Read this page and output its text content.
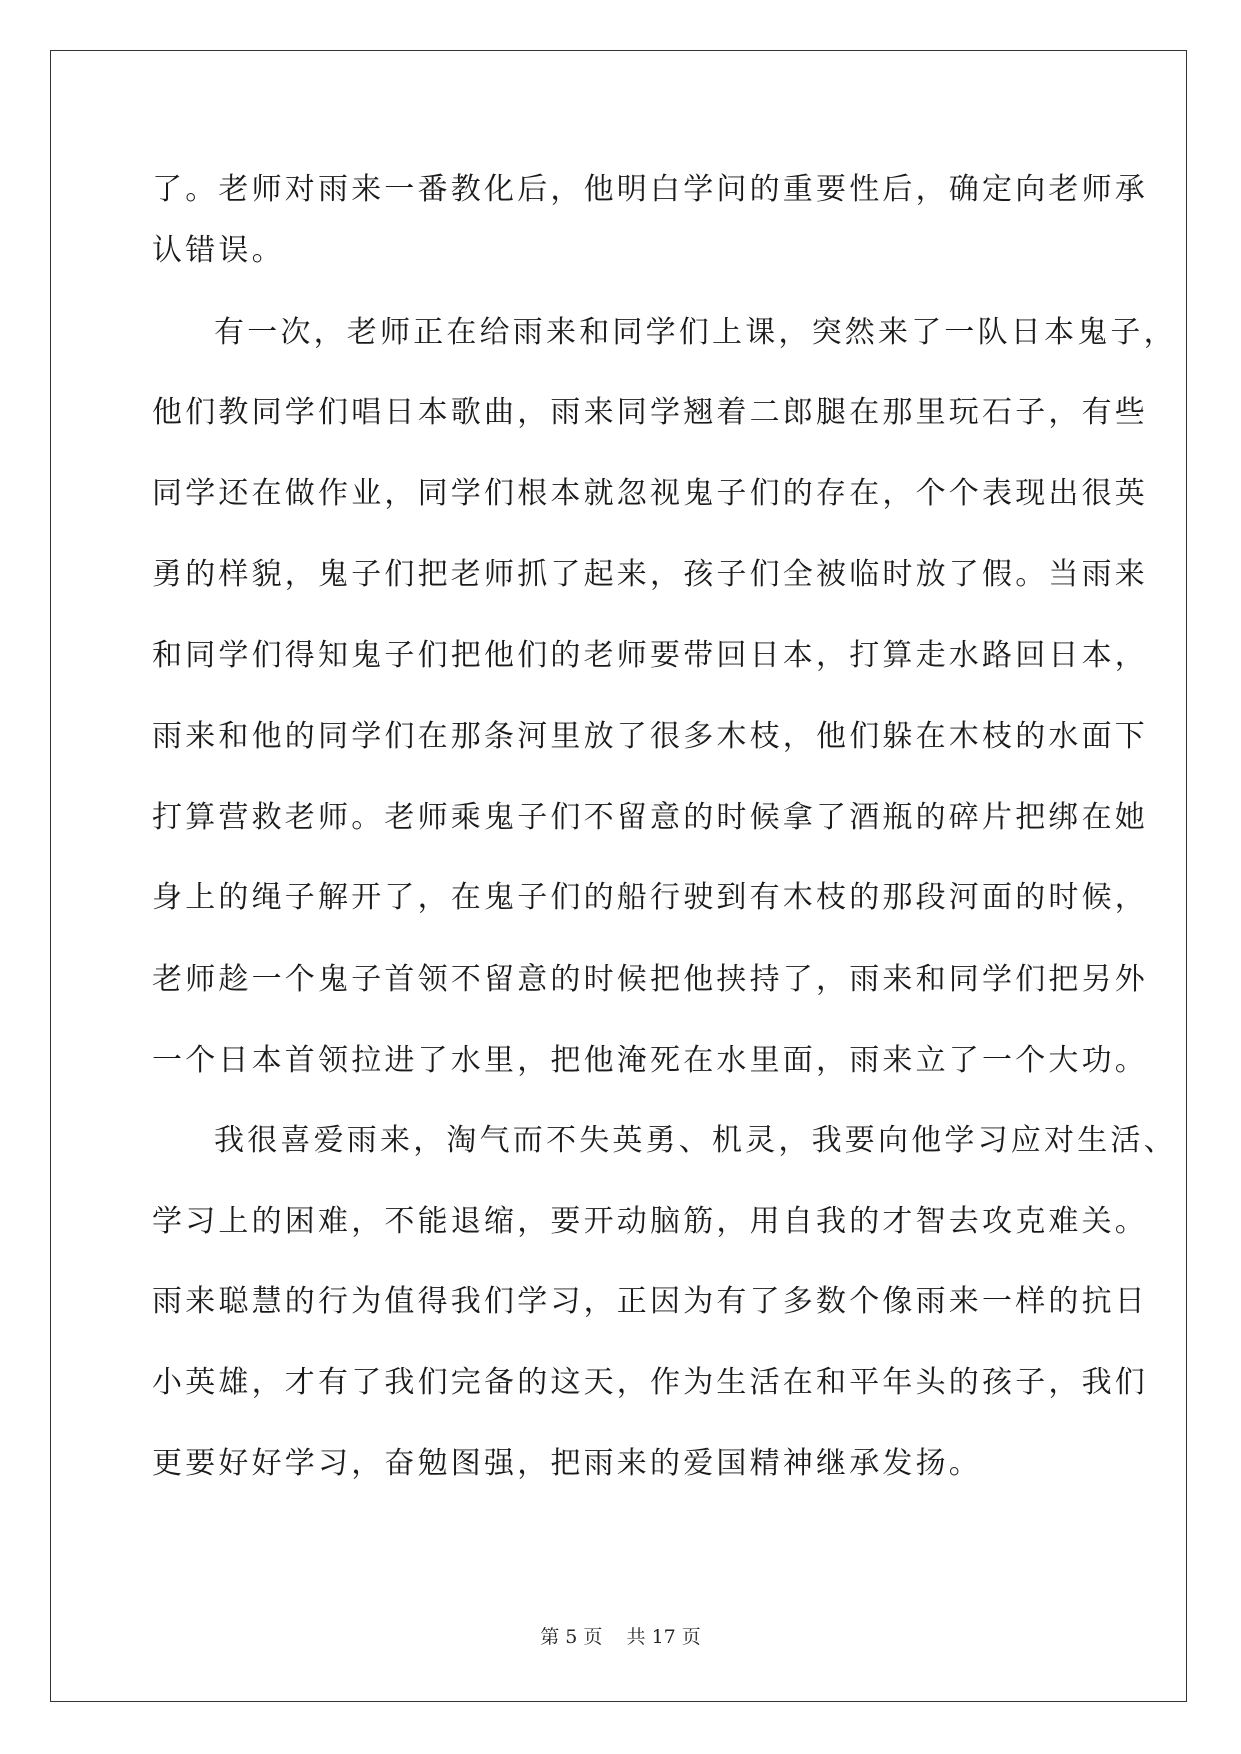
了。老师对雨来一番教化后，他明白学问的重要性后，确定向老师承
认错误。
有一次，老师正在给雨来和同学们上课，突然来了一队日本鬼子，
他们教同学们唱日本歌曲，雨来同学翘着二郎腿在那里玩石子，有些
同学还在做作业，同学们根本就忽视鬼子们的存在，个个表现出很英
勇的样貌，鬼子们把老师抓了起来，孩子们全被临时放了假。当雨来
和同学们得知鬼子们把他们的老师要带回日本，打算走水路回日本，
雨来和他的同学们在那条河里放了很多木枝，他们躲在木枝的水面下
打算营救老师。老师乘鬼子们不留意的时候拿了酒瓶的碎片把绑在她
身上的绳子解开了，在鬼子们的船行驶到有木枝的那段河面的时候，
老师趁一个鬼子首领不留意的时候把他挟持了，雨来和同学们把另外
一个日本首领拉进了水里，把他淹死在水里面，雨来立了一个大功。
我很喜爱雨来，淘气而不失英勇、机灵，我要向他学习应对生活、
学习上的困难，不能退缩，要开动脑筋，用自我的才智去攻克难关。
雨来聪慧的行为值得我们学习，正因为有了多数个像雨来一样的抗日
小英雄，才有了我们完备的这天，作为生活在和平年头的孩子，我们
更要好好学习，奋勉图强，把雨来的爱国精神继承发扬。
第 5 页    共 17 页
